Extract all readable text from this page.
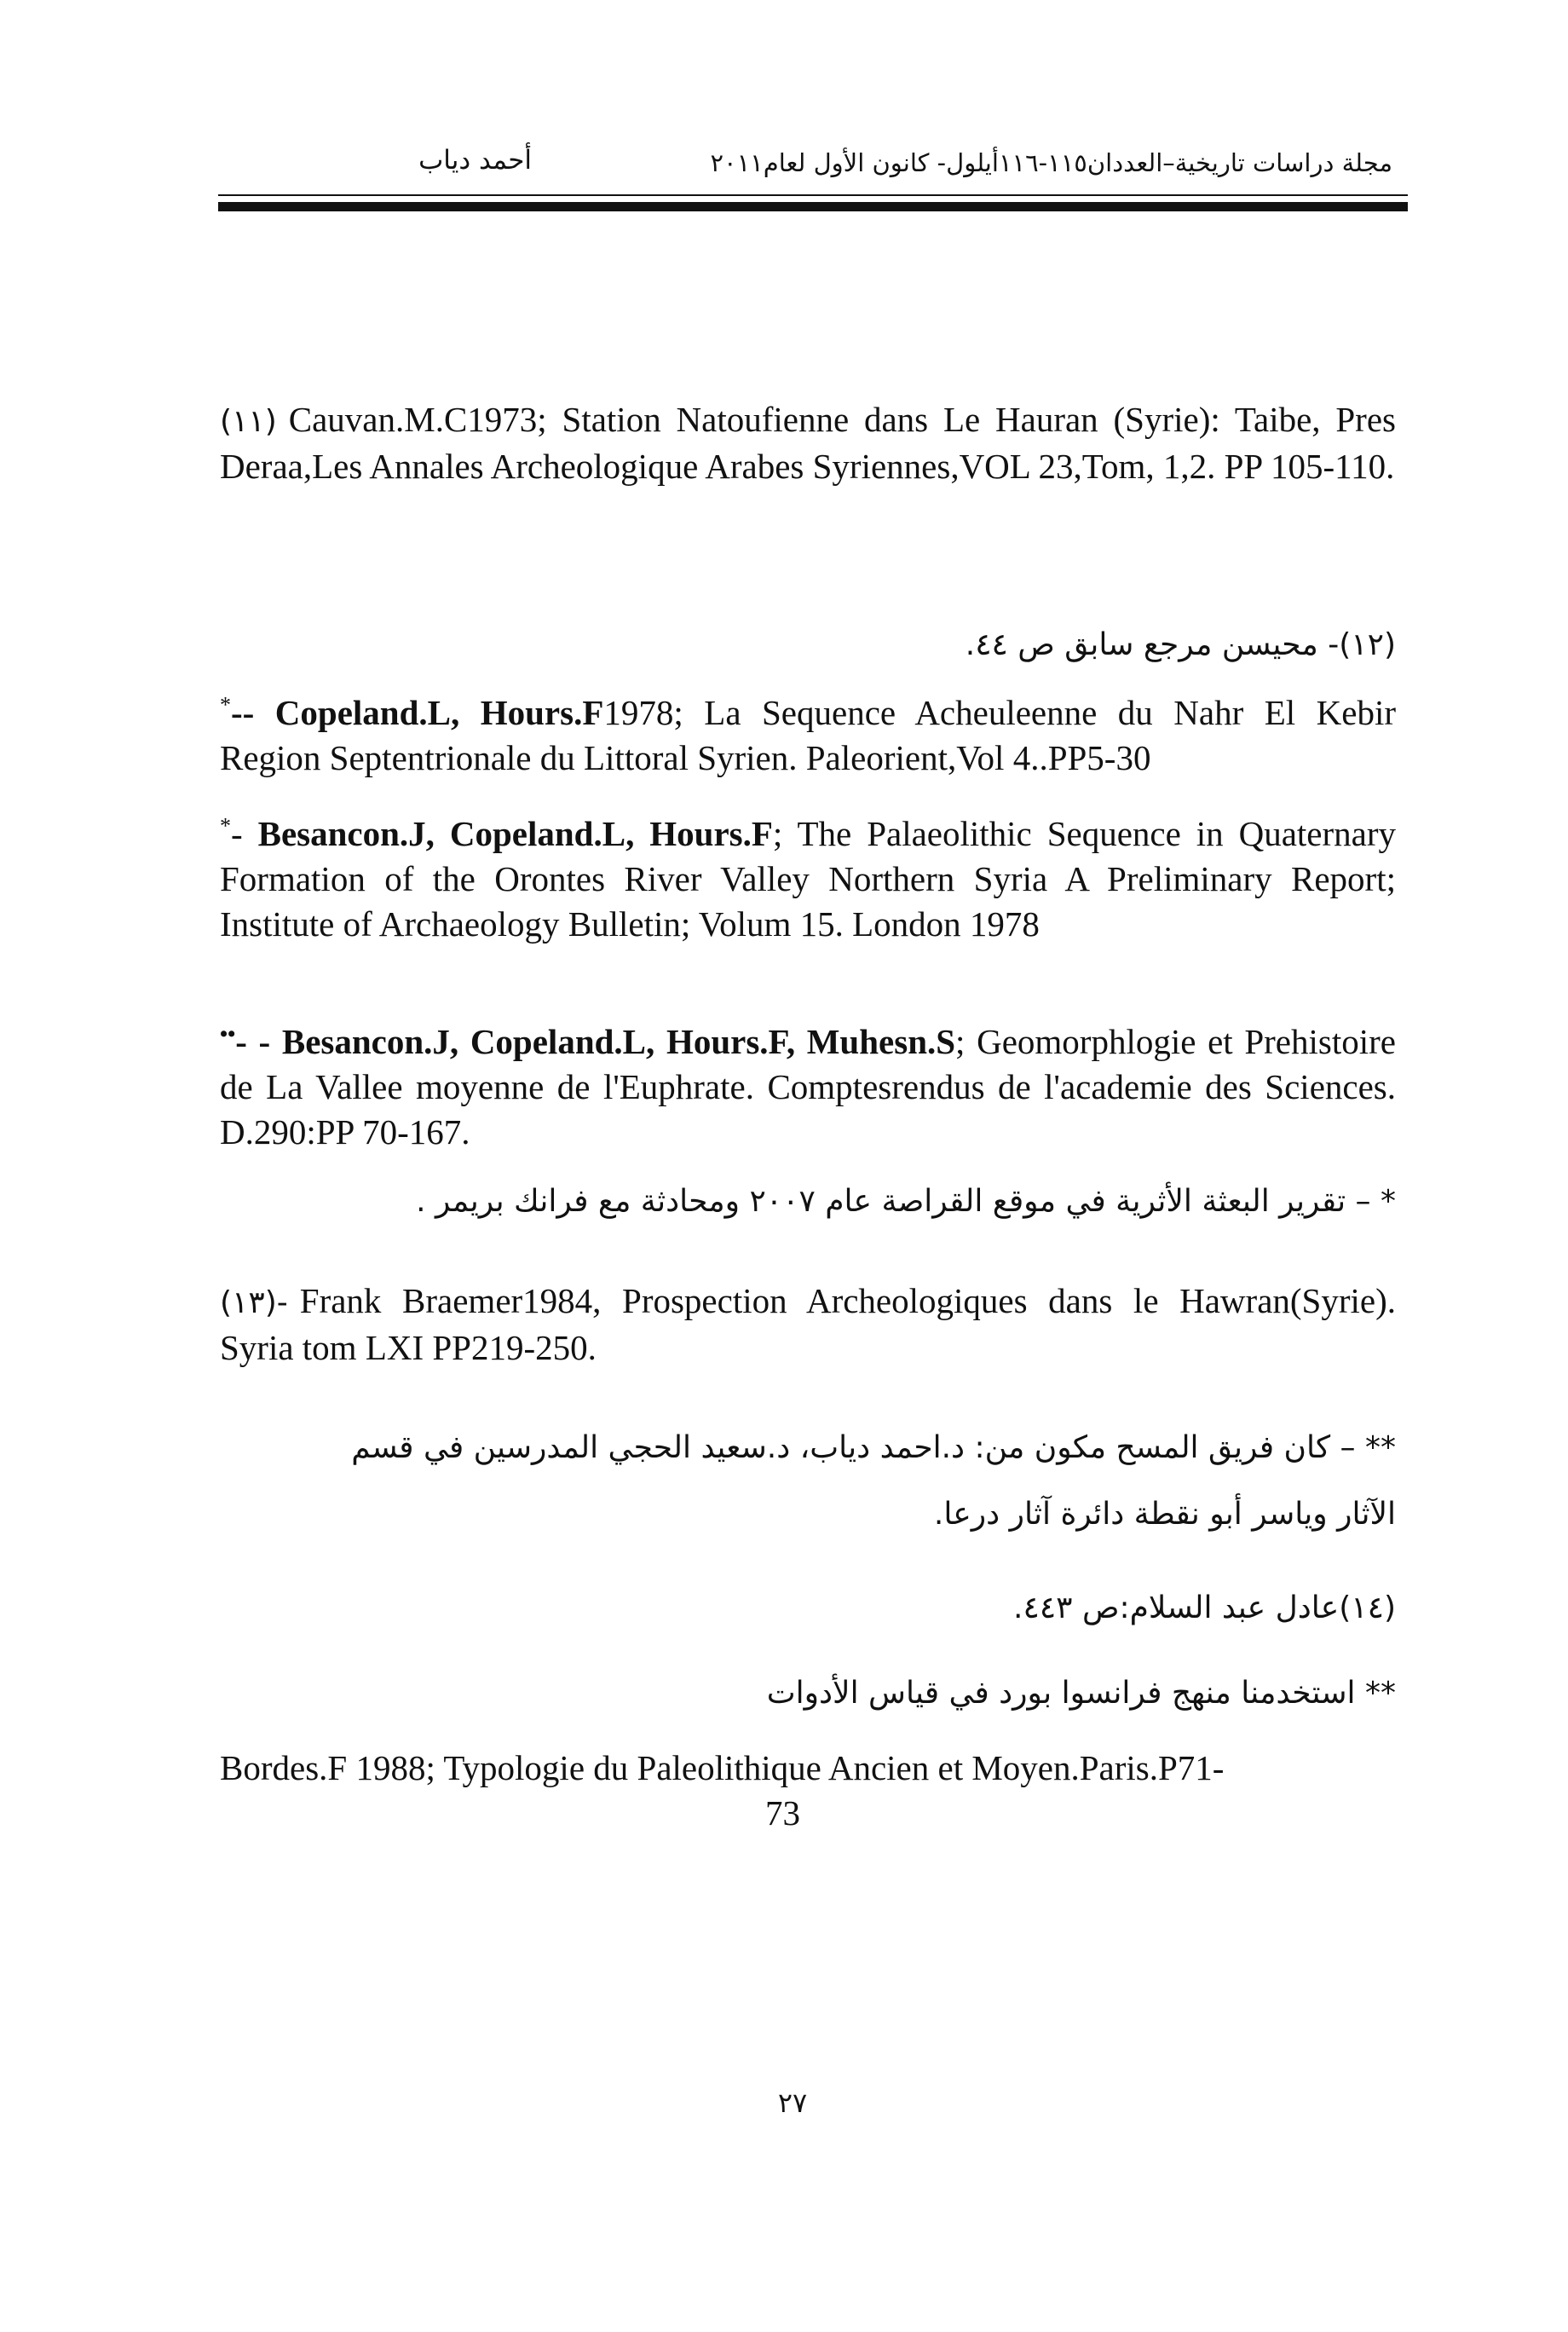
أحمد دياب	مجلة دراسات تاريخية–العددان١١٥-١١٦أيلول- كانون الأول لعام٢٠١١
(١١) Cauvan.M.C1973; Station Natoufienne dans Le Hauran (Syrie): Taibe, Pres Deraa,Les Annales Archeologique Arabes Syriennes,VOL 23,Tom, 1,2. PP 105-110.
(١٢)- محيسن مرجع سابق ص ٤٤.
*-- Copeland.L, Hours.F1978; La Sequence Acheuleenne du Nahr El Kebir Region Septentrionale du Littoral Syrien. Paleorient,Vol 4..PP5-30
*- Besancon.J, Copeland.L, Hours.F; The Palaeolithic Sequence in Quaternary Formation of the Orontes River Valley Northern Syria A Preliminary Report; Institute of Archaeology Bulletin; Volum 15. London 1978
••- - Besancon.J, Copeland.L, Hours.F, Muhesn.S; Geomorphlogie et Prehistoire de La Vallee moyenne de l'Euphrate. Comptesrendus de l'academie des Sciences. D.290:PP 70-167.
* – تقرير البعثة الأثرية في موقع القراصة عام ٢٠٠٧ ومحادثة مع فرانك بريمر .
(١٣)- Frank Braemer1984, Prospection Archeologiques dans le Hawran(Syrie). Syria tom LXI PP219-250.
** – كان فريق المسح مكون من: د.احمد دياب، د.سعيد الحجي المدرسين في قسم
الآثار وياسر أبو نقطة دائرة آثار درعا.
(١٤)عادل عبد السلام:ص ٤٤٣.
** استخدمنا منهج فرانسوا بورد في قياس الأدوات
Bordes.F 1988; Typologie du Paleolithique Ancien et Moyen.Paris.P71-
73
٢٧
